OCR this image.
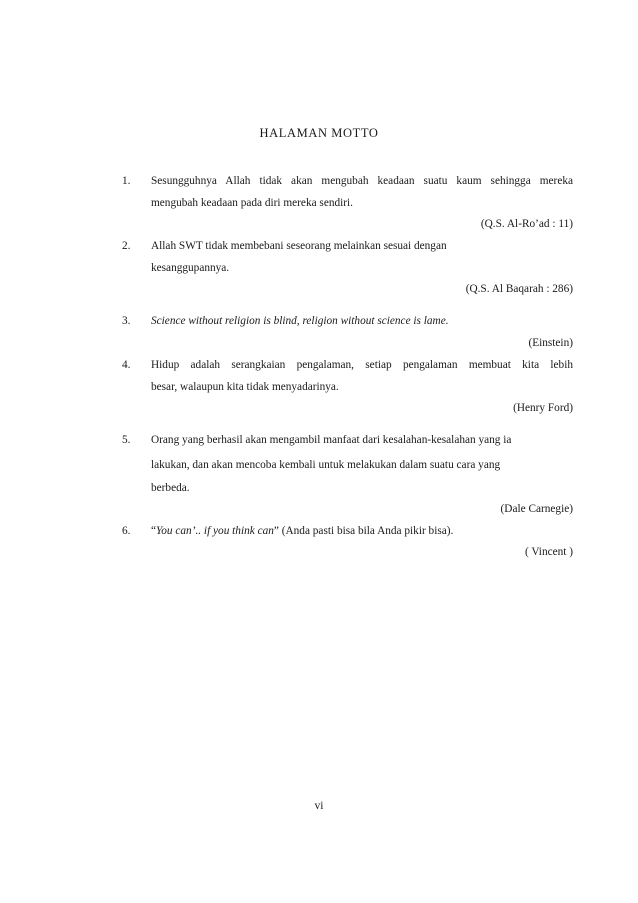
HALAMAN MOTTO
1. Sesungguhnya Allah tidak akan mengubah keadaan suatu kaum sehingga mereka
mengubah keadaan pada diri mereka sendiri.
(Q.S. Al-Ro’ad : 11)
2. Allah SWT tidak membebani seseorang melainkan sesuai dengan
kesanggupannya.
(Q.S. Al Baqarah : 286)
3. Science without religion is blind, religion without science is lame.
(Einstein)
4. Hidup adalah serangkaian pengalaman, setiap pengalaman membuat kita lebih
besar, walaupun kita tidak menyadarinya.
(Henry Ford)
5. Orang yang berhasil akan mengambil manfaat dari kesalahan-kesalahan yang ia
lakukan, dan akan mencoba kembali untuk melakukan dalam suatu cara yang
berbeda.
(Dale Carnegie)
6. “You can’.. if you think can” (Anda pasti bisa bila Anda pikir bisa).
( Vincent )
vi
